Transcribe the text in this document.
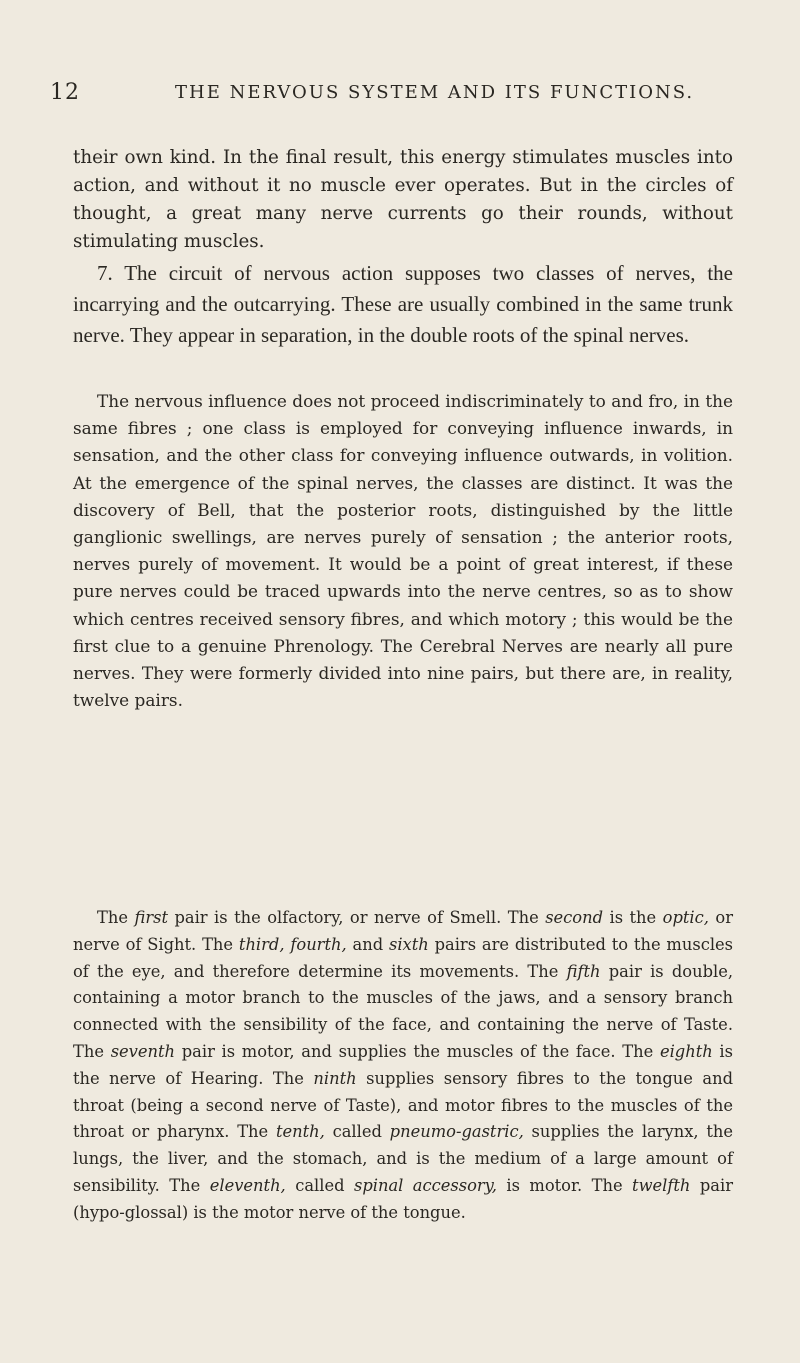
12	THE NERVOUS SYSTEM AND ITS FUNCTIONS.

their own kind. In the final result, this energy stimulates muscles into action, and without it no muscle ever operates. But in the circles of thought, a great many nerve currents go their rounds, without stimulating muscles.

7. The circuit of nervous action supposes two classes of nerves, the incarrying and the outcarrying. These are usually combined in the same trunk nerve. They appear in separation, in the double roots of the spinal nerves.

The nervous influence does not proceed indiscriminately to and fro, in the same fibres ; one class is employed for conveying influence inwards, in sensation, and the other class for conveying influence outwards, in volition. At the emergence of the spinal nerves, the classes are distinct. It was the discovery of Bell, that the posterior roots, distinguished by the little ganglionic swellings, are nerves purely of sensation ; the anterior roots, nerves purely of movement. It would be a point of great interest, if these pure nerves could be traced upwards into the nerve centres, so as to show which centres received sensory fibres, and which motory ; this would be the first clue to a genuine Phrenology. The Cerebral Nerves are nearly all pure nerves. They were formerly divided into nine pairs, but there are, in reality, twelve pairs.

The first pair is the olfactory, or nerve of Smell. The second is the optic, or nerve of Sight. The third, fourth, and sixth pairs are distributed to the muscles of the eye, and therefore determine its movements. The fifth pair is double, containing a motor branch to the muscles of the jaws, and a sensory branch connected with the sensibility of the face, and containing the nerve of Taste. The seventh pair is motor, and supplies the muscles of the face. The eighth is the nerve of Hearing. The ninth supplies sensory fibres to the tongue and throat (being a second nerve of Taste), and motor fibres to the muscles of the throat or pharynx. The tenth, called pneumo-gastric, supplies the larynx, the lungs, the liver, and the stomach, and is the medium of a large amount of sensibility. The eleventh, called spinal accessory, is motor. The twelfth pair (hypo-glossal) is the motor nerve of the tongue.
